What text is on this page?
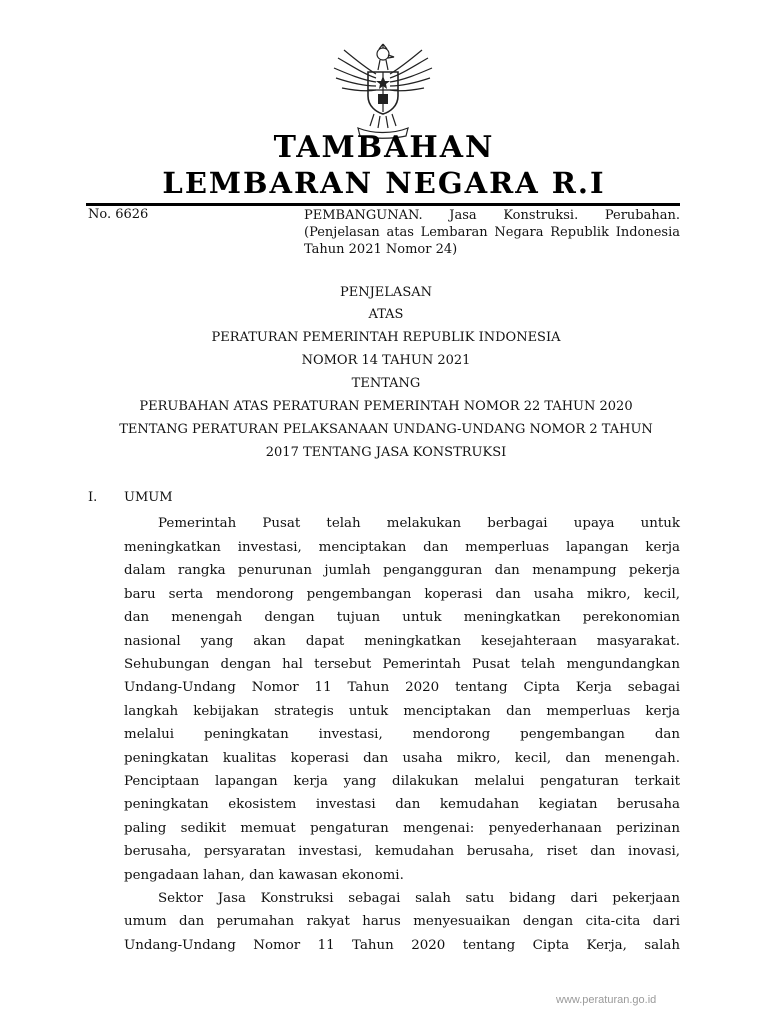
TAMBAHAN
LEMBARAN NEGARA R.I
No. 6626	PEMBANGUNAN. Jasa Konstruksi. Perubahan. (Penjelasan atas Lembaran Negara Republik Indonesia Tahun 2021 Nomor 24)
PENJELASAN
ATAS
PERATURAN PEMERINTAH REPUBLIK INDONESIA
NOMOR 14 TAHUN 2021
TENTANG
PERUBAHAN ATAS PERATURAN PEMERINTAH NOMOR 22 TAHUN 2020
TENTANG PERATURAN PELAKSANAAN UNDANG-UNDANG NOMOR 2 TAHUN
2017 TENTANG JASA KONSTRUKSI
I. UMUM
Pemerintah Pusat telah melakukan berbagai upaya untuk
meningkatkan investasi, menciptakan dan memperluas lapangan kerja
dalam rangka penurunan jumlah pengangguran dan menampung pekerja
baru serta mendorong pengembangan koperasi dan usaha mikro, kecil,
dan menengah dengan tujuan untuk meningkatkan perekonomian
nasional yang akan dapat meningkatkan kesejahteraan masyarakat.
Sehubungan dengan hal tersebut Pemerintah Pusat telah mengundangkan
Undang-Undang Nomor 11 Tahun 2020 tentang Cipta Kerja sebagai
langkah kebijakan strategis untuk menciptakan dan memperluas kerja
melalui peningkatan investasi, mendorong pengembangan dan
peningkatan kualitas koperasi dan usaha mikro, kecil, dan menengah.
Penciptaan lapangan kerja yang dilakukan melalui pengaturan terkait
peningkatan ekosistem investasi dan kemudahan kegiatan berusaha
paling sedikit memuat pengaturan mengenai: penyederhanaan perizinan
berusaha, persyaratan investasi, kemudahan berusaha, riset dan inovasi,
pengadaan lahan, dan kawasan ekonomi.
Sektor Jasa Konstruksi sebagai salah satu bidang dari pekerjaan
umum dan perumahan rakyat harus menyesuaikan dengan cita-cita dari
Undang-Undang Nomor 11 Tahun 2020 tentang Cipta Kerja, salah
www.peraturan.go.id
